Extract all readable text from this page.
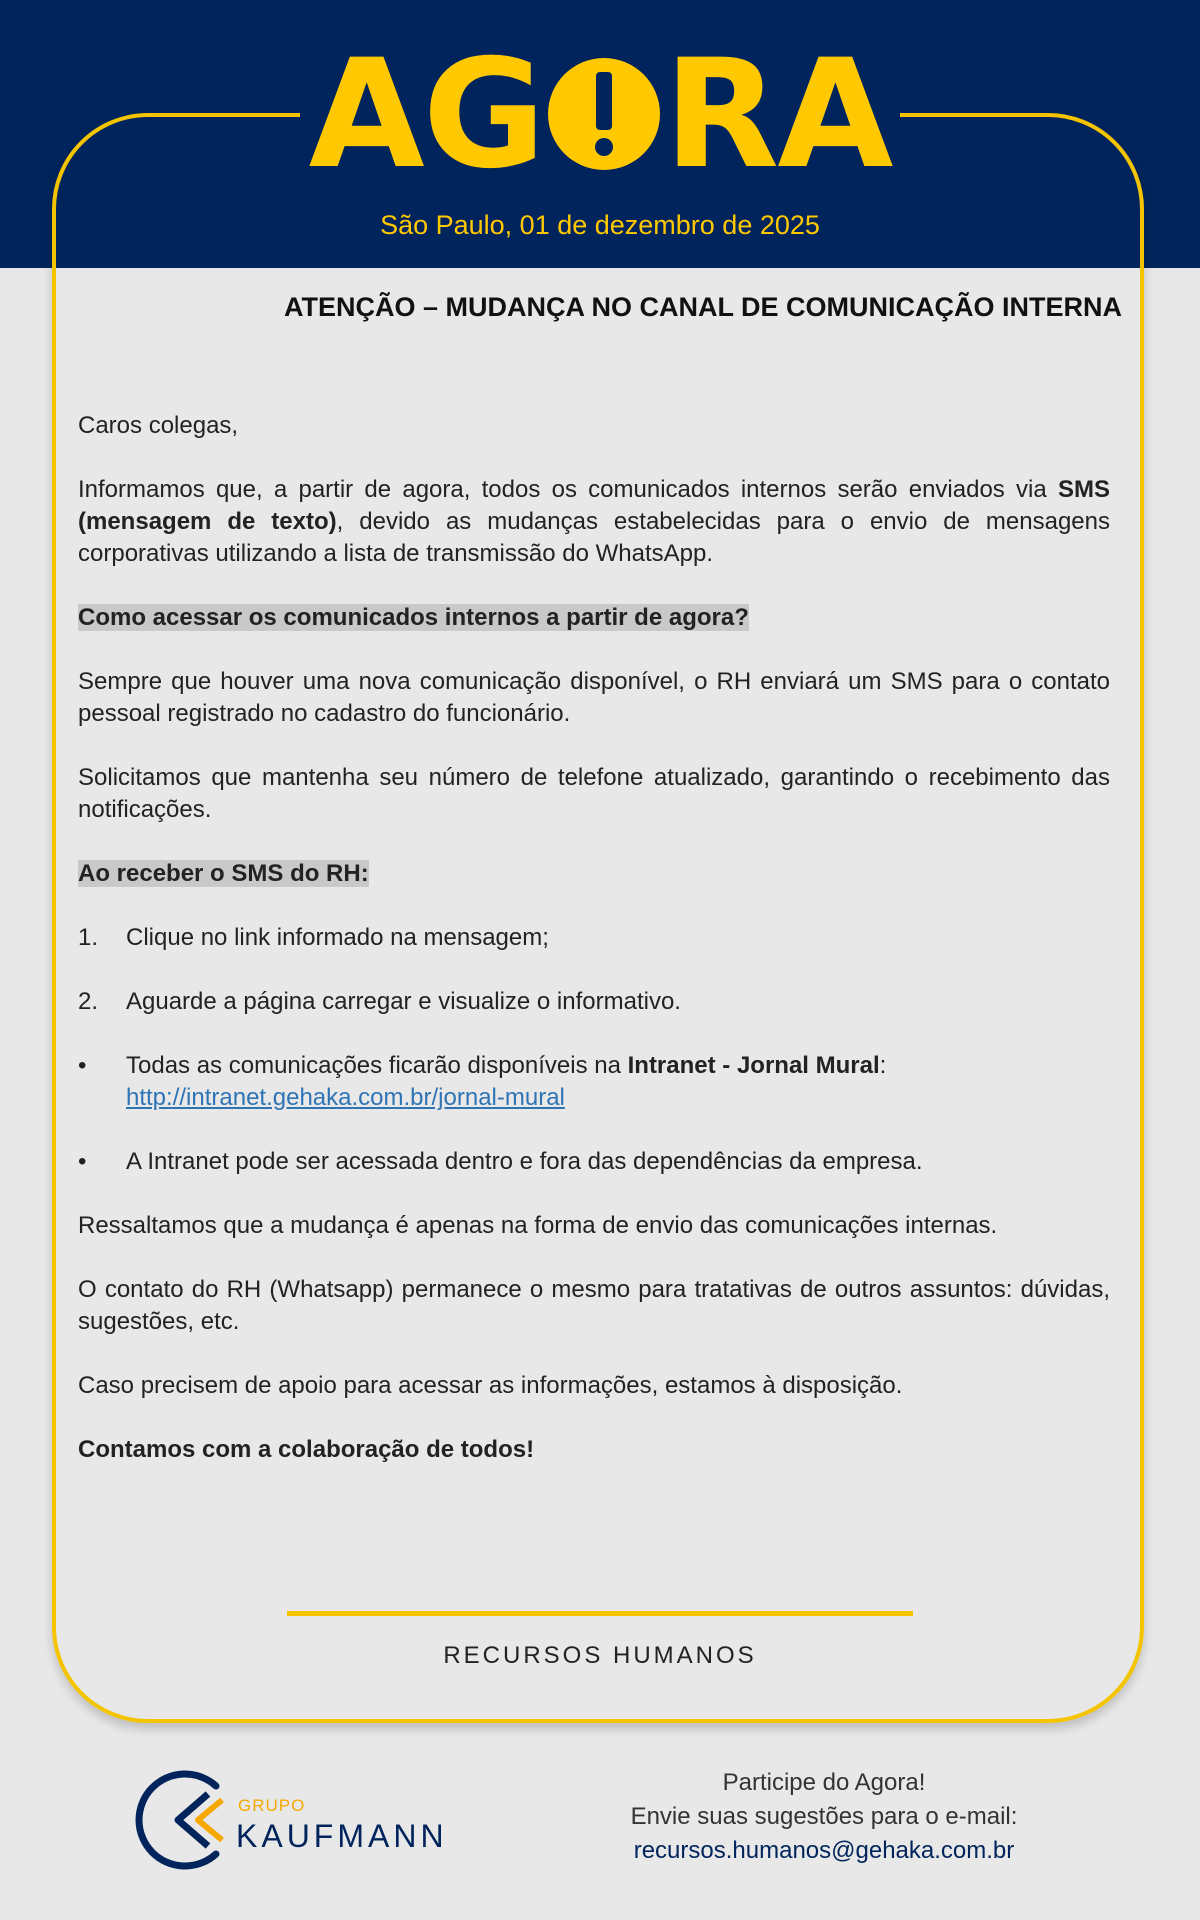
AG RA
São Paulo, 01 de dezembro de 2025
ATENÇÃO – MUDANÇA NO CANAL DE COMUNICAÇÃO INTERNA

Caros colegas,

Informamos que, a partir de agora, todos os comunicados internos serão enviados via SMS (mensagem de texto), devido as mudanças estabelecidas para o envio de mensagens corporativas utilizando a lista de transmissão do WhatsApp.

Como acessar os comunicados internos a partir de agora?

Sempre que houver uma nova comunicação disponível, o RH enviará um SMS para o contato pessoal registrado no cadastro do funcionário.

Solicitamos que mantenha seu número de telefone atualizado, garantindo o recebimento das notificações.

Ao receber o SMS do RH:

1.	Clique no link informado na mensagem;
2.	Aguarde a página carregar e visualize o informativo.
•	Todas as comunicações ficarão disponíveis na Intranet - Jornal Mural:
http://intranet.gehaka.com.br/jornal-mural
•	A Intranet pode ser acessada dentro e fora das dependências da empresa.

Ressaltamos que a mudança é apenas na forma de envio das comunicações internas.

O contato do RH (Whatsapp) permanece o mesmo para tratativas de outros assuntos: dúvidas, sugestões, etc.

Caso precisem de apoio para acessar as informações, estamos à disposição.

Contamos com a colaboração de todos!

RECURSOS HUMANOS
GRUPO
KAUFMANN
Participe do Agora!
Envie suas sugestões para o e-mail:
recursos.humanos@gehaka.com.br
